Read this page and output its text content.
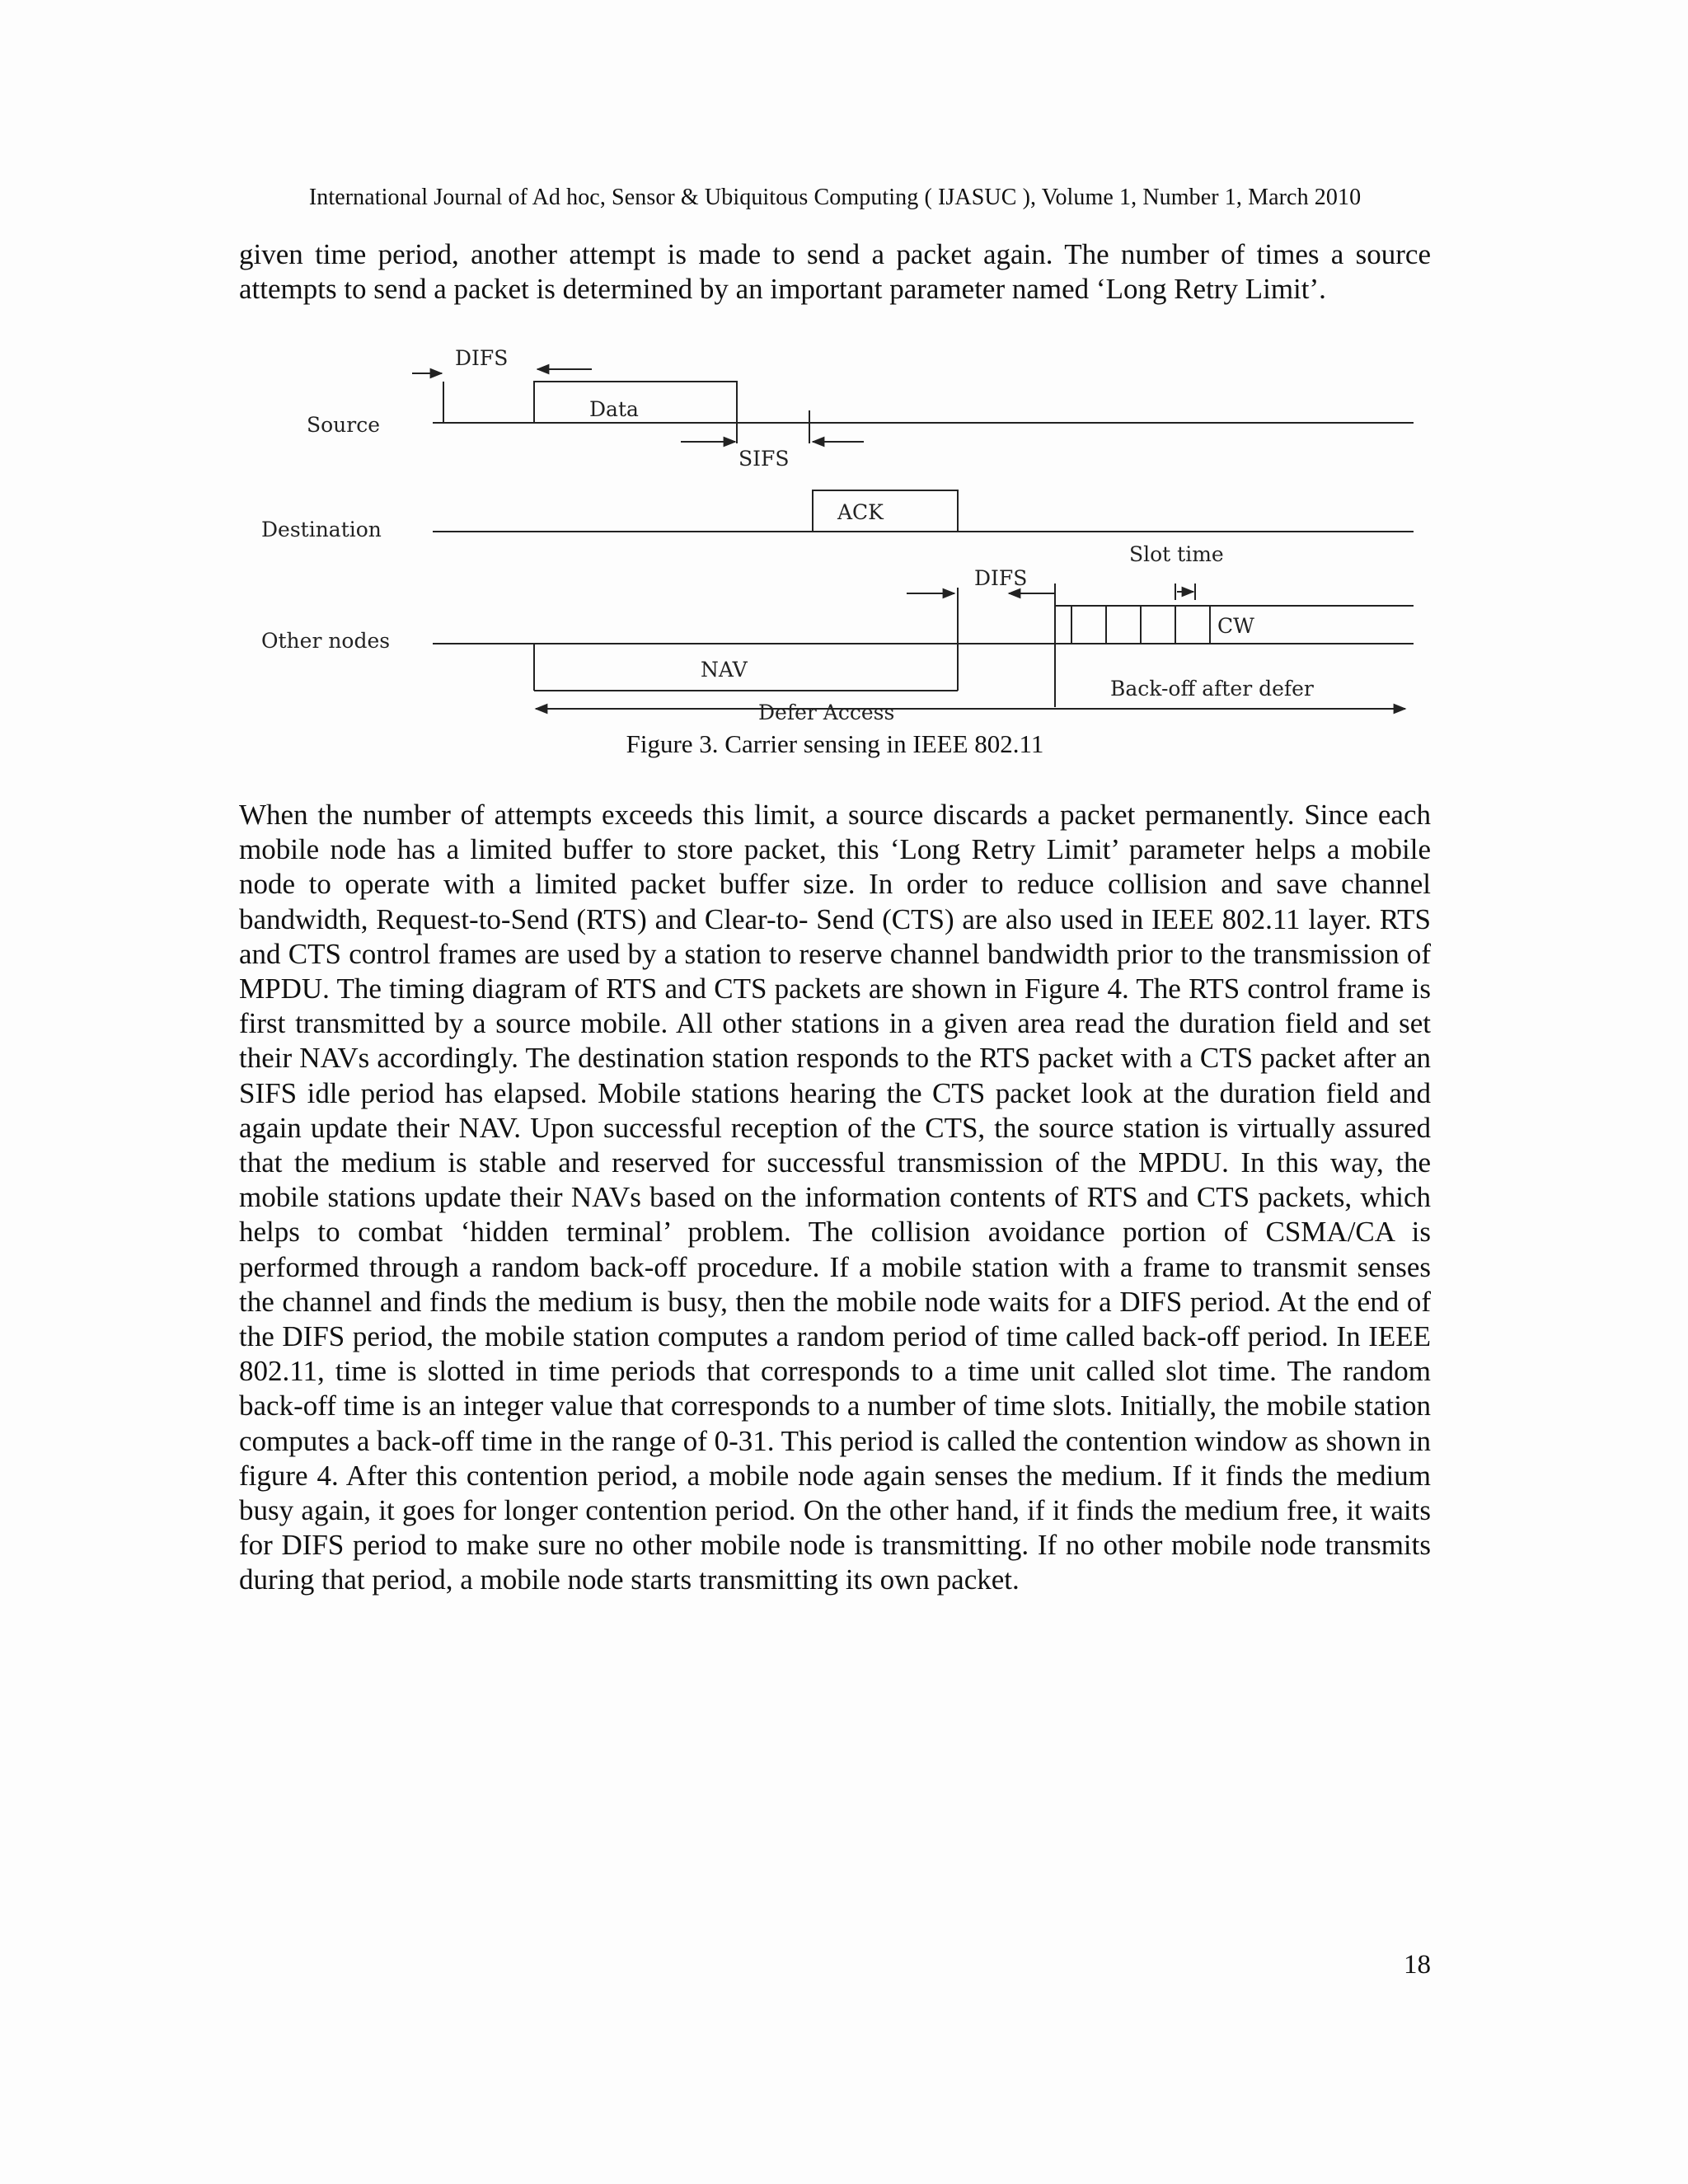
International Journal of Ad hoc, Sensor & Ubiquitous Computing ( IJASUC ), Volume 1, Number 1, March 2010

given time period, another attempt is made to send a packet again. The number of times a source attempts to send a packet is determined by an important parameter named ‘Long Retry Limit’.

Source
Destination
Other nodes
DIFS
Data
SIFS
ACK
DIFS
Slot time
CW
NAV
Defer Access
Back-off after defer
Figure 3. Carrier sensing in IEEE 802.11

When the number of attempts exceeds this limit, a source discards a packet permanently. Since each mobile node has a limited buffer to store packet, this ‘Long Retry Limit’ parameter helps a mobile node to operate with a limited packet buffer size. In order to reduce collision and save channel bandwidth, Request-to-Send (RTS) and Clear-to- Send (CTS) are also used in IEEE 802.11 layer. RTS and CTS control frames are used by a station to reserve channel bandwidth prior to the transmission of MPDU. The timing diagram of RTS and CTS packets are shown in Figure 4. The RTS control frame is first transmitted by a source mobile. All other stations in a given area read the duration field and set their NAVs accordingly. The destination station responds to the RTS packet with a CTS packet after an SIFS idle period has elapsed. Mobile stations hearing the CTS packet look at the duration field and again update their NAV. Upon successful reception of the CTS, the source station is virtually assured that the medium is stable and reserved for successful transmission of the MPDU. In this way, the mobile stations update their NAVs based on the information contents of RTS and CTS packets, which helps to combat ‘hidden terminal’ problem. The collision avoidance portion of CSMA/CA is performed through a random back-off procedure. If a mobile station with a frame to transmit senses the channel and finds the medium is busy, then the mobile node waits for a DIFS period. At the end of the DIFS period, the mobile station computes a random period of time called back-off period. In IEEE 802.11, time is slotted in time periods that corresponds to a time unit called slot time. The random back-off time is an integer value that corresponds to a number of time slots. Initially, the mobile station computes a back-off time in the range of 0-31. This period is called the contention window as shown in figure 4. After this contention period, a mobile node again senses the medium. If it finds the medium busy again, it goes for longer contention period. On the other hand, if it finds the medium free, it waits for DIFS period to make sure no other mobile node is transmitting. If no other mobile node transmits during that period, a mobile node starts transmitting its own packet.

18
